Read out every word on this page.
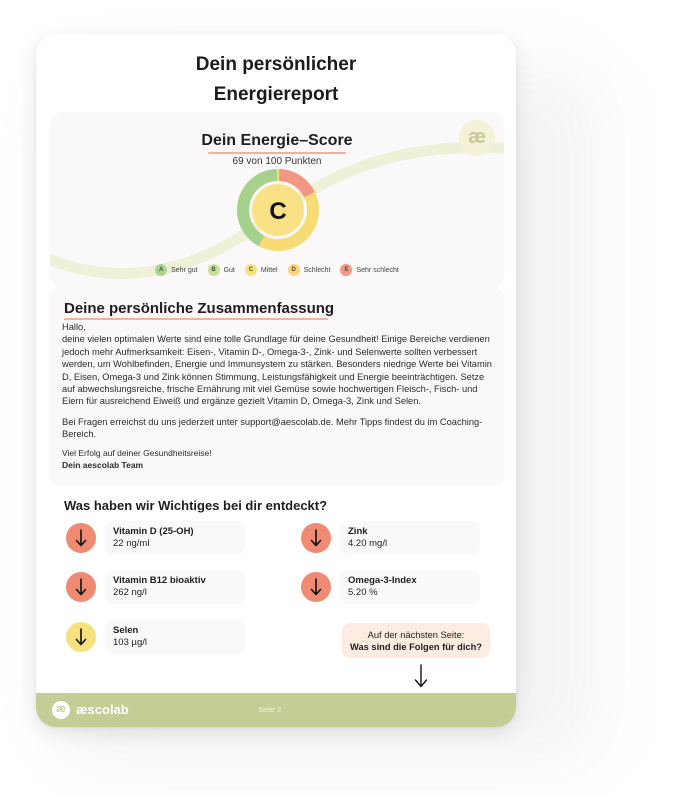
Dein persönlicher
Energiereport
Dein Energie–Score
69 von 100 Punkten
æ
C
A	Sehr gut	B	Gut	C	Mittel	D	Schlecht	E	Sehr schlecht
Deine persönliche Zusammenfassung

Hallo,

deine vielen optimalen Werte sind eine tolle Grundlage für deine Gesundheit! Einige Bereiche verdienen jedoch mehr Aufmerksamkeit: Eisen-, Vitamin D-, Omega-3-, Zink- und Selenwerte sollten verbessert werden, um Wohlbefinden, Energie und Immunsystem zu stärken. Besonders niedrige Werte bei Vitamin D, Eisen, Omega-3 und Zink können Stimmung, Leistungsfähigkeit und Energie beeinträchtigen. Setze auf abwechslungsreiche, frische Ernährung mit viel Gemüse sowie hochwertigen Fleisch-, Fisch- und Eiern für ausreichend Eiweiß und ergänze gezielt Vitamin D, Omega-3, Zink und Selen.

Bei Fragen erreichst du uns jederzeit unter support@aescolab.de. Mehr Tipps findest du im Coaching-Bereich.

Viel Erfolg auf deiner Gesundheitsreise!

Dein aescolab Team

Was haben wir Wichtiges bei dir entdeckt?
Vitamin D (25-OH)
22 ng/ml
Zink
4.20 mg/l
Vitamin B12 bioaktiv
262 ng/l
Omega-3-Index
5.20 %
Selen
103 µg/l
Auf der nächsten Seite:
Was sind die Folgen für dich?
æ æscolab	Seite 2
